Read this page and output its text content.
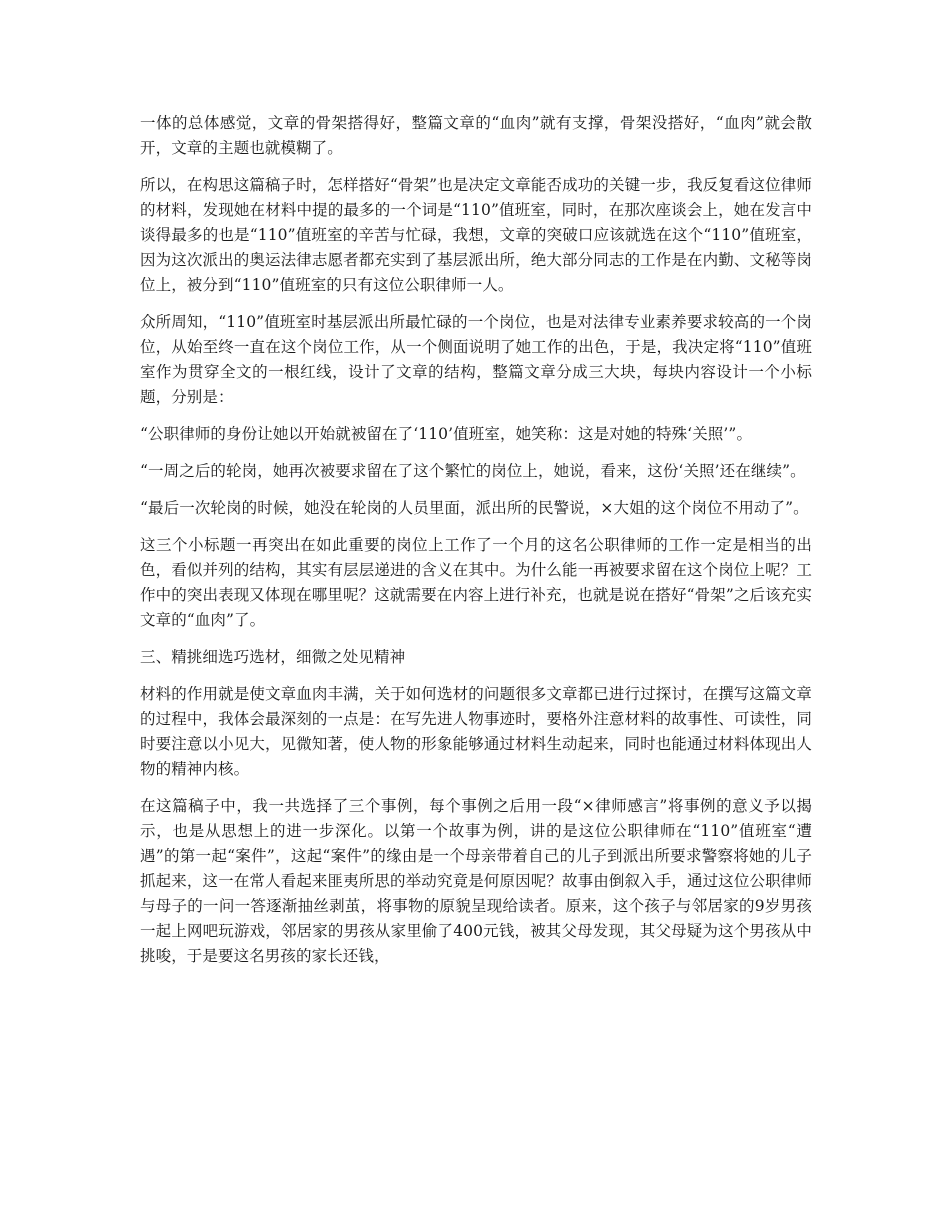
一体的总体感觉，文章的骨架搭得好，整篇文章的“血肉”就有支撑，骨架没搭好，“血肉”就会散开，文章的主题也就模糊了。

所以，在构思这篇稿子时，怎样搭好“骨架”也是决定文章能否成功的关键一步，我反复看这位律师的材料，发现她在材料中提的最多的一个词是“110”值班室，同时，在那次座谈会上，她在发言中谈得最多的也是“110”值班室的辛苦与忙碌，我想，文章的突破口应该就选在这个“110”值班室，因为这次派出的奥运法律志愿者都充实到了基层派出所，绝大部分同志的工作是在内勤、文秘等岗位上，被分到“110”值班室的只有这位公职律师一人。

众所周知，“110”值班室时基层派出所最忙碌的一个岗位，也是对法律专业素养要求较高的一个岗位，从始至终一直在这个岗位工作，从一个侧面说明了她工作的出色，于是，我决定将“110”值班室作为贯穿全文的一根红线，设计了文章的结构，整篇文章分成三大块，每块内容设计一个小标题，分别是：

“公职律师的身份让她以开始就被留在了‘110’值班室，她笑称：这是对她的特殊‘关照’”。

“一周之后的轮岗，她再次被要求留在了这个繁忙的岗位上，她说，看来，这份‘关照’还在继续”。

“最后一次轮岗的时候，她没在轮岗的人员里面，派出所的民警说，×大姐的这个岗位不用动了”。

这三个小标题一再突出在如此重要的岗位上工作了一个月的这名公职律师的工作一定是相当的出色，看似并列的结构，其实有层层递进的含义在其中。为什么能一再被要求留在这个岗位上呢？工作中的突出表现又体现在哪里呢？这就需要在内容上进行补充，也就是说在搭好“骨架”之后该充实文章的“血肉”了。

三、精挑细选巧选材，细微之处见精神

材料的作用就是使文章血肉丰满，关于如何选材的问题很多文章都已进行过探讨，在撰写这篇文章的过程中，我体会最深刻的一点是：在写先进人物事迹时，要格外注意材料的故事性、可读性，同时要注意以小见大，见微知著，使人物的形象能够通过材料生动起来，同时也能通过材料体现出人物的精神内核。

在这篇稿子中，我一共选择了三个事例，每个事例之后用一段“×律师感言”将事例的意义予以揭示，也是从思想上的进一步深化。以第一个故事为例，讲的是这位公职律师在“110”值班室“遭遇”的第一起“案件”，这起“案件”的缘由是一个母亲带着自己的儿子到派出所要求警察将她的儿子抓起来，这一在常人看起来匪夷所思的举动究竟是何原因呢？故事由倒叙入手，通过这位公职律师与母子的一问一答逐渐抽丝剥茧，将事物的原貌呈现给读者。原来，这个孩子与邻居家的9岁男孩一起上网吧玩游戏，邻居家的男孩从家里偷了400元钱，被其父母发现，其父母疑为这个男孩从中挑唆，于是要这名男孩的家长还钱，
